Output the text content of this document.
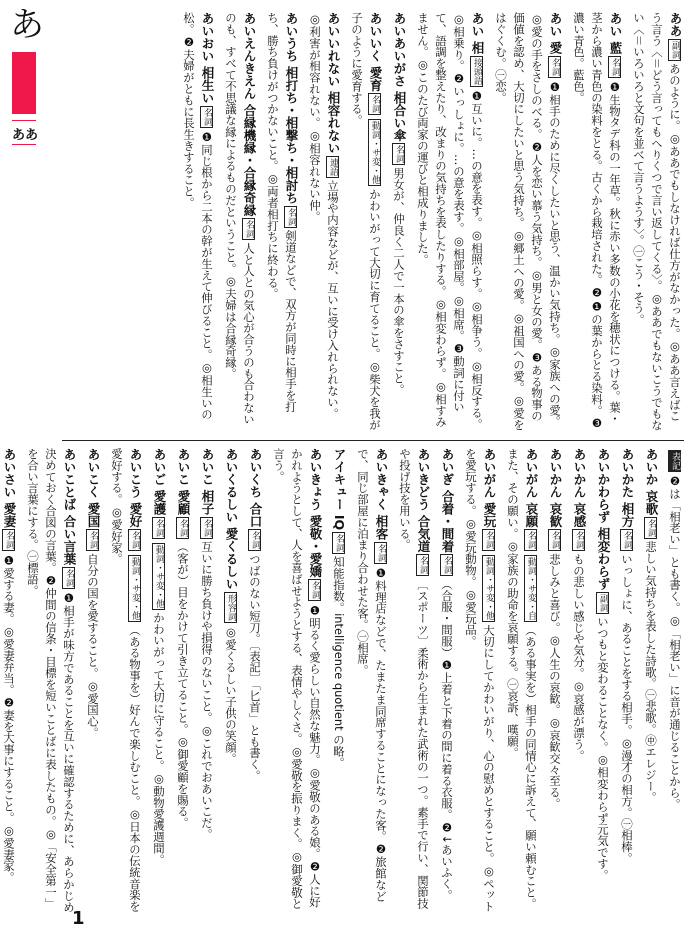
あ
ああ
ああ副詞あのように。◎ああでもしなければ仕方がなかった。◎ああ言えばこう言う〈＝どう言ってもへりくつで言い返してくる〉。◎ああでもないこうでもない〈＝いろいろと文句を並べて言うようす〉。㊀こう・そう。
あい 藍名詞❶生物タデ科の一年草。秋に赤い多数の小花を穂状につける。葉・茎から濃い青色の染料をとる。古くから栽培された。❷❶の葉からとる染料。❸濃い青色。藍色。
あい 愛名詞❶相手のために尽くしたいと思う、温かい気持ち。◎家族への愛。◎愛の手をさしのべる。❷人を恋い慕う気持ち。◎男と女の愛。❸ある物事の価値を認め、大切にしたいと思う気持ち。◎郷土への愛。◎祖国への愛。◎愛をはぐくむ。㊀恋。
あい 相接頭語❶互いに。…の意を表す。◎相照らす。◎相争う。◎相反する。◎相乗り。❷いっしょに。…の意を表す。◎相部屋。◎相席。❸動詞に付いて、語調を整えたり、改まりの気持ちを表したりする。◎相変わらず。◎相すみません。◎このたび両家の運びと相成りました。
あいあいがさ 相合い傘名詞男女が、仲良く二人で一本の傘をさすこと。
あいいく 愛育名詞動詞・サ変・他かわいがって大切に育てること。◎柴犬を我が子のように愛育する。
あいいれない 相容れない連語立場や内容などが、互いに受け入れられない。◎利害が相容れない。◎相容れない仲。
あいうち 相打ち・相撃ち・相討ち名詞剣道などで、双方が同時に相手を打ち、勝ち負けがつかないこと。◎両者相打ちに終わる。
あいえんきえん 合縁機縁・合縁奇縁名詞人と人との気心が合うのも合わないのも、すべて不思議な縁によるものだということ。◎夫婦は合縁奇縁。
あいおい 相生い名詞❶同じ根から二本の幹が生えて伸びること。◎相生いの松。❷夫婦がともに長生きすること。
表記❷は「相老い」とも書く。◎「相老い」に音が通じることから。
あいか 哀歌名詞悲しい気持ちを表した詩歌。㊀悲歌。㊥エレジー。
あいかた 相方名詞いっしょに、あることをする相手。◎漫才の相方。㊀相棒。
あいかわらず 相変わらず副詞いつもと変わることなく。◎相変わらず元気です。
あいかん 哀感名詞もの悲しい感じや気分。◎哀感が漂う。
あいかん 哀歓名詞悲しみと喜び。◎人生の哀歓。◎哀歓交々至る。
あいがん 哀願名詞動詞・サ変・自（ある事実を）相手の同情心に訴えて、願い頼むこと。また、その願い。◎家族の助命を哀願する。㊀哀訴、嘆願。
あいがん 愛玩名詞動詞・サ変・他大切にしてかわいがり、心の慰めとすること。◎ペットを愛玩する。◎愛玩動物。◎愛玩品。
あいぎ 合着・間着名詞（合服・間服）❶上着と下着の間に着る衣服。❷↓あいふく。
あいきどう 合気道名詞〔スポーツ〕柔術から生まれた武術の一つ。素手で行い、関節技や投げ技を用いる。
あいきゃく 相客名詞❶料理店などで、たまたま同席することになった客。❷旅館などで、同じ部屋に泊まり合わせた客。㊀相席。
アイキュー IQ名詞知能指数。intelligence quotient の略。
あいきょう 愛敬・愛嬌名詞❶明るく愛らしい自然な魅力。◎愛敬のある娘。❷人に好かれようとして、人を喜ばせようとする、表情やしぐさ。◎愛敬を振りまく。◎御愛敬と言う。
あいくち 合口名詞つばのない短刀。〔表記〕「匕首」とも書く。
あいくるしい 愛くるしい形容詞◎愛くるしい子供の笑顔。
あいこ 相子名詞互いに勝ち負けや損得のないこと。◎これでおあいこだ。
あいこ 愛顧名詞（客が）目をかけて引き立てること。◎御愛顧を賜る。
あいご 愛護名詞動詞・サ変・他かわいがって大切に守ること。◎動物愛護週間。
あいこう 愛好名詞動詞・サ変・他（ある物事を）好んで楽しむこと。◎日本の伝統音楽を愛好する。◎愛好家。
あいこく 愛国名詞自分の国を愛すること。◎愛国心。
あいことば 合い言葉名詞❶相手が味方であることを互いに確認するために、あらかじめ決めておく合図の言葉。❷仲間の信条・目標を短いことばに表したもの。◎「安全第一」を合い言葉にする。㊀標語。
あいさい 愛妻名詞❶愛する妻。◎愛妻弁当。❷妻を大事にすること。◎愛妻家。
1
